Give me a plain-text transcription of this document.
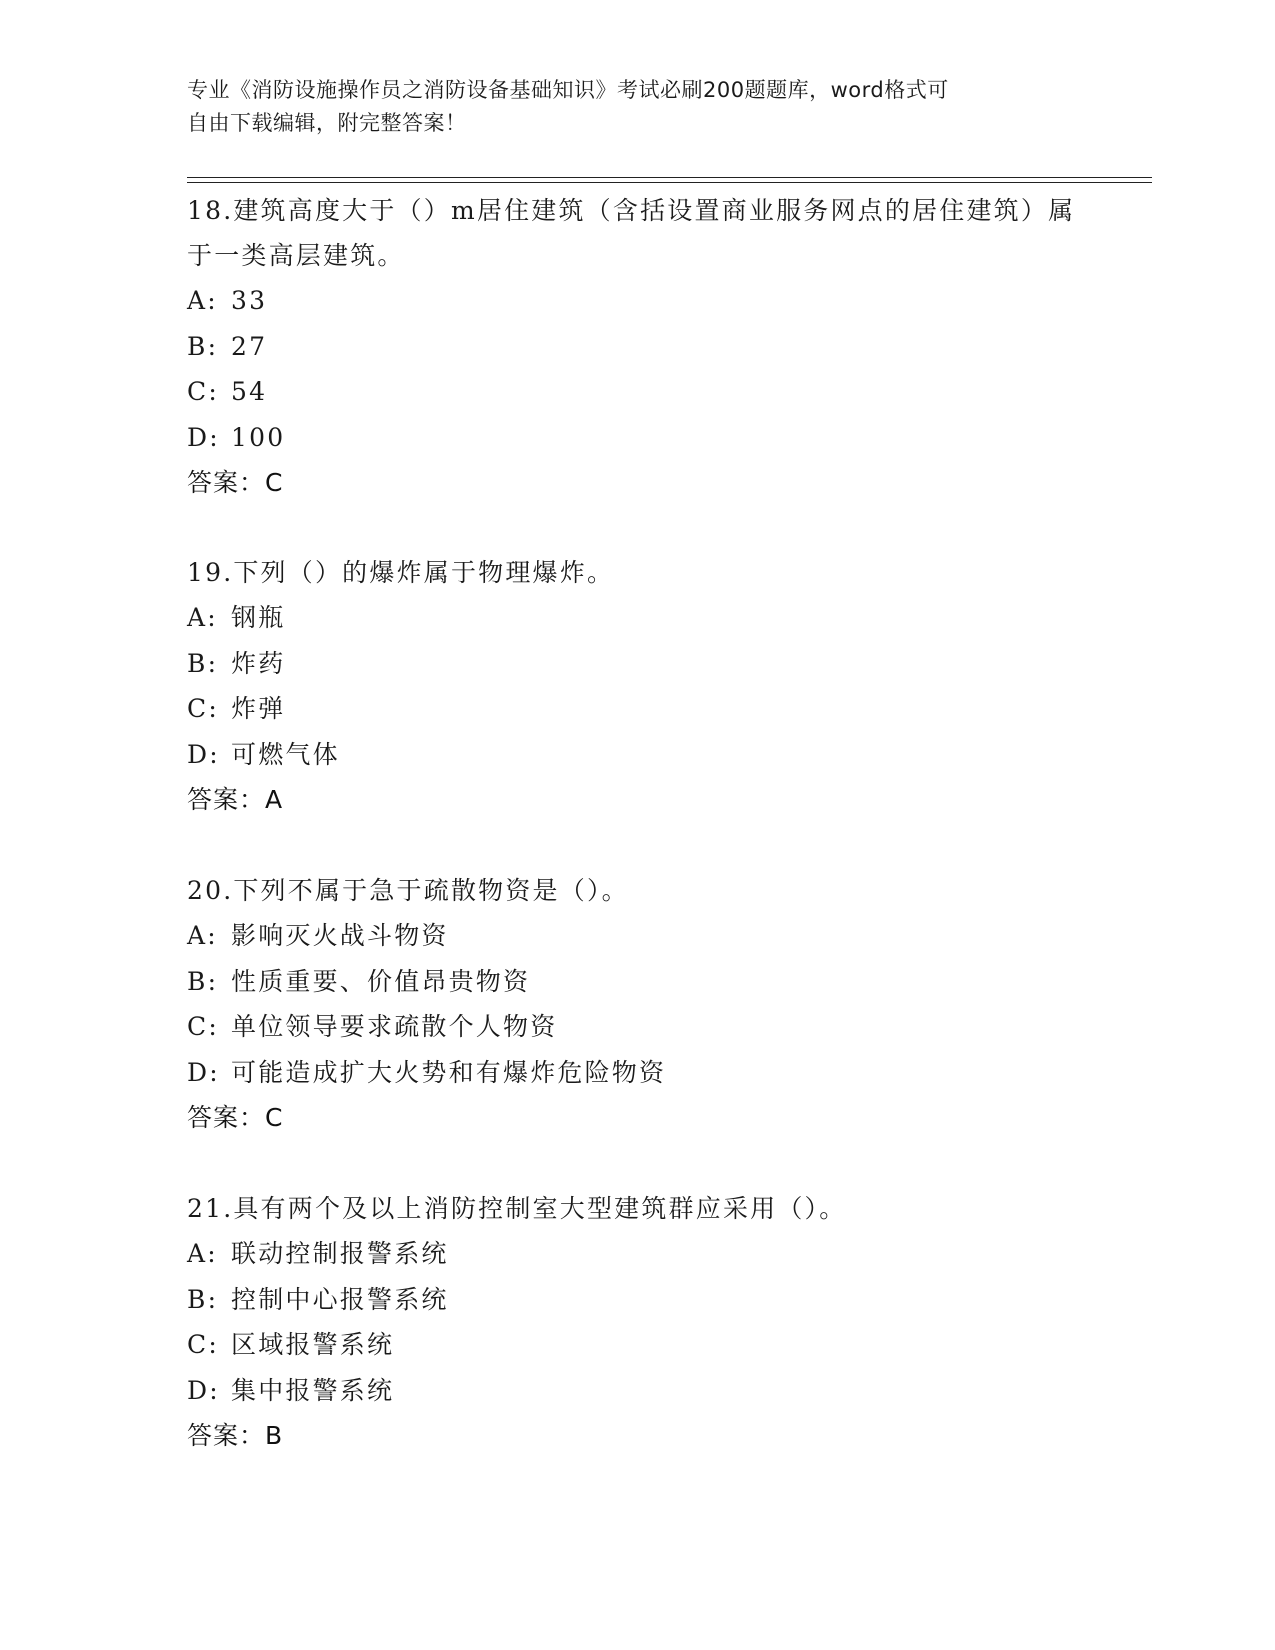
专业《消防设施操作员之消防设备基础知识》考试必刷200题题库，word格式可
自由下载编辑，附完整答案！
18.建筑高度大于（）m居住建筑（含括设置商业服务网点的居住建筑）属于一类高层建筑。
A: 33
B: 27
C: 54
D: 100
答案：C
19.下列（）的爆炸属于物理爆炸。
A: 钢瓶
B: 炸药
C: 炸弹
D: 可燃气体
答案：A
20.下列不属于急于疏散物资是（）。
A: 影响灭火战斗物资
B: 性质重要、价值昂贵物资
C: 单位领导要求疏散个人物资
D: 可能造成扩大火势和有爆炸危险物资
答案：C
21.具有两个及以上消防控制室大型建筑群应采用（）。
A: 联动控制报警系统
B: 控制中心报警系统
C: 区域报警系统
D: 集中报警系统
答案：B
